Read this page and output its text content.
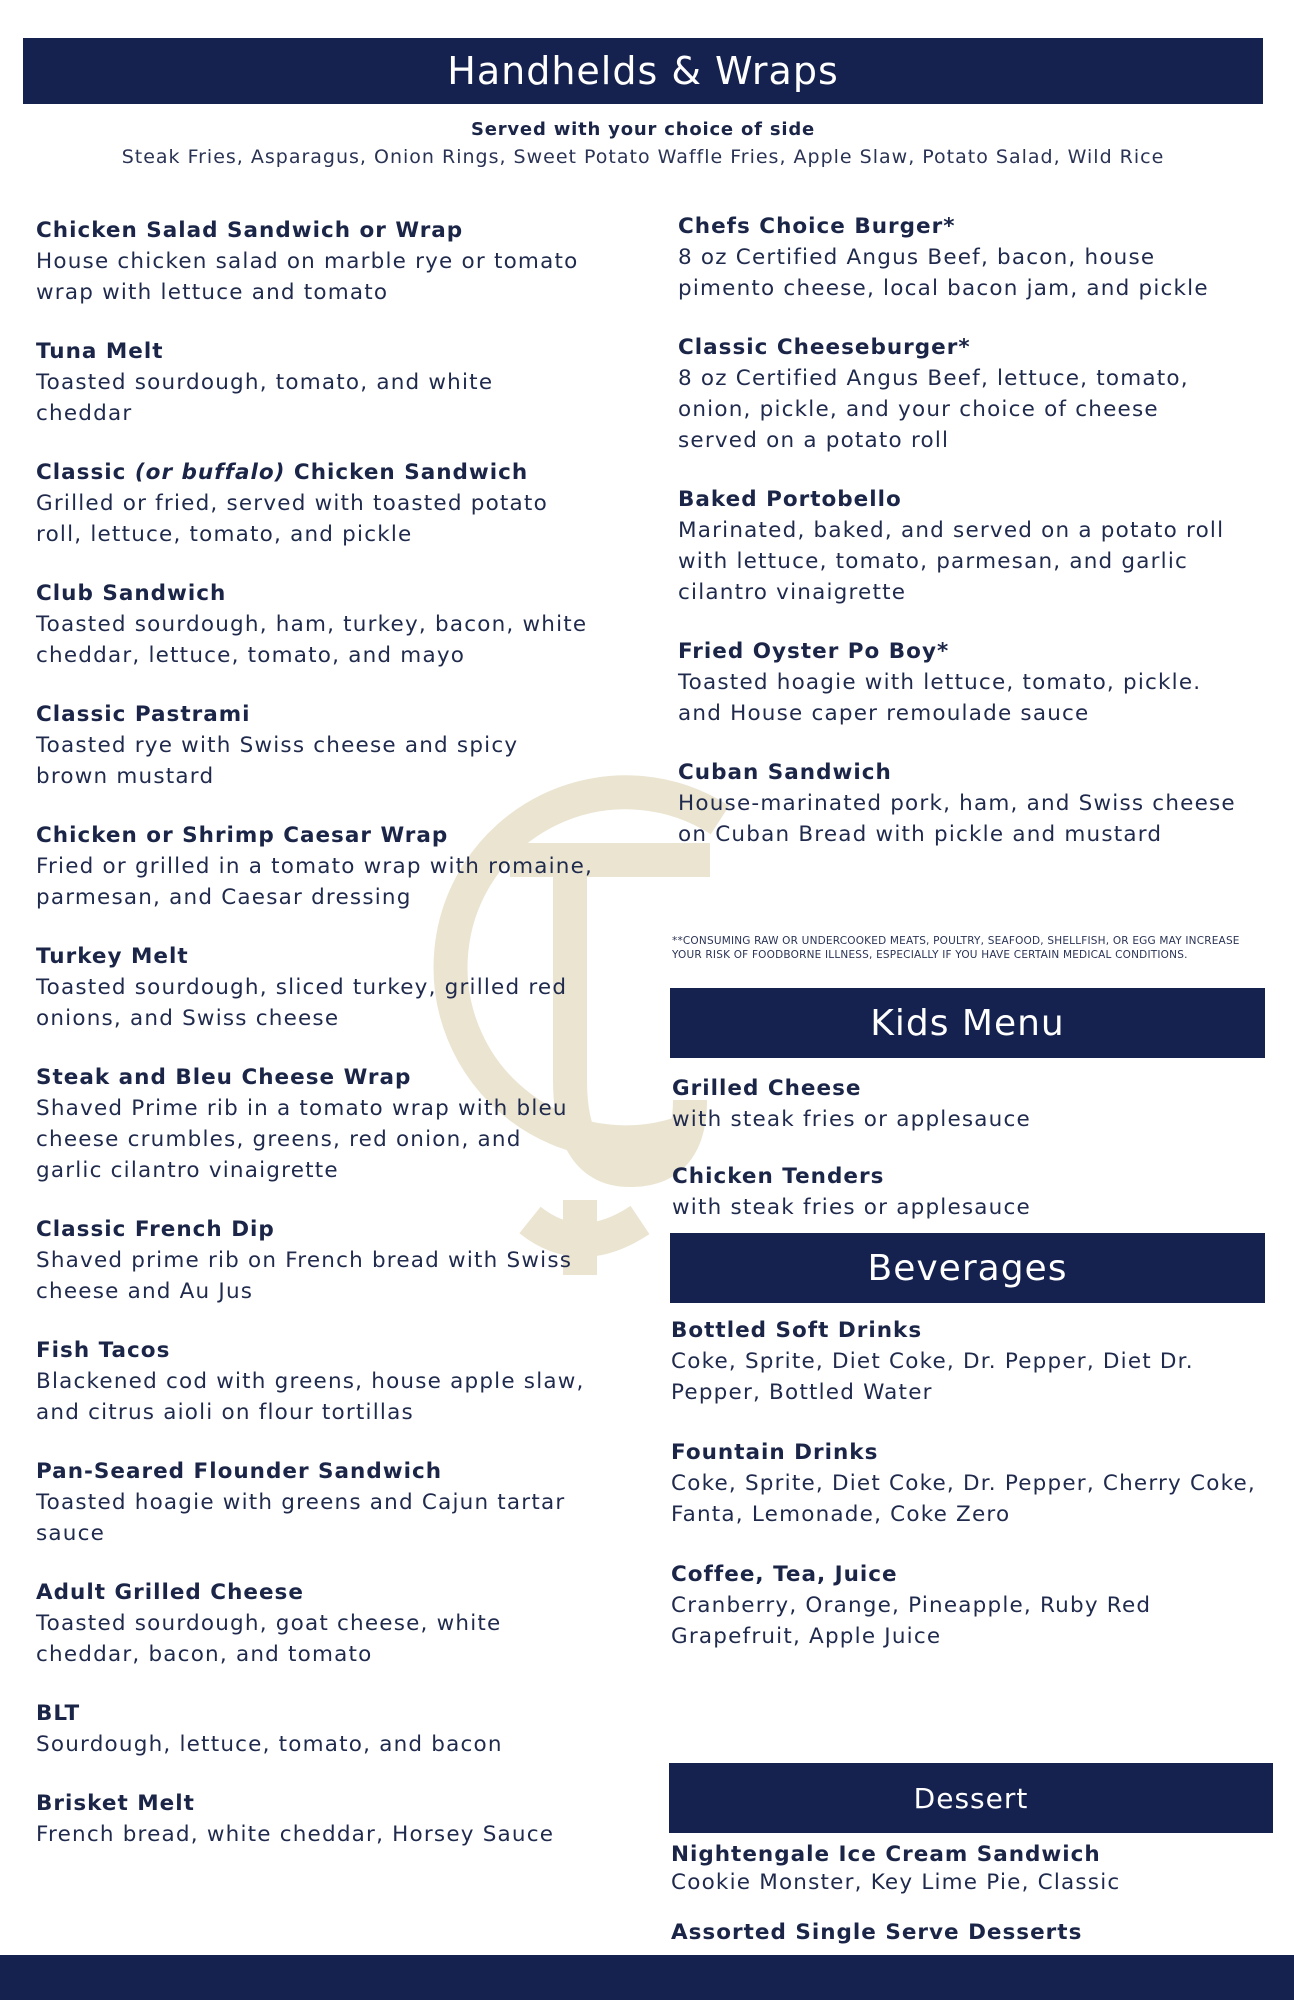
Handhelds & Wraps
Served with your choice of side
Steak Fries, Asparagus, Onion Rings, Sweet Potato Waffle Fries, Apple Slaw, Potato Salad, Wild Rice
Chicken Salad Sandwich or Wrap
House chicken salad on marble rye or tomato wrap with lettuce and tomato
Tuna Melt
Toasted sourdough, tomato, and white cheddar
Classic (or buffalo) Chicken Sandwich
Grilled or fried, served with toasted potato roll, lettuce, tomato, and pickle
Club Sandwich
Toasted sourdough, ham, turkey, bacon, white cheddar, lettuce, tomato, and mayo
Classic Pastrami
Toasted rye with Swiss cheese and spicy brown mustard
Chicken or Shrimp Caesar Wrap
Fried or grilled in a tomato wrap with romaine, parmesan, and Caesar dressing
Turkey Melt
Toasted sourdough, sliced turkey, grilled red onions, and Swiss cheese
Steak and Bleu Cheese Wrap
Shaved Prime rib in a tomato wrap with bleu cheese crumbles, greens, red onion, and garlic cilantro vinaigrette
Classic French Dip
Shaved prime rib on French bread with Swiss cheese and Au Jus
Fish Tacos
Blackened cod with greens, house apple slaw, and citrus aioli on flour tortillas
Pan-Seared Flounder Sandwich
Toasted hoagie with greens and Cajun tartar sauce
Adult Grilled Cheese
Toasted sourdough, goat cheese, white cheddar, bacon, and tomato
BLT
Sourdough, lettuce, tomato, and bacon
Brisket Melt
French bread, white cheddar, Horsey Sauce
Chefs Choice Burger*
8 oz Certified Angus Beef, bacon, house pimento cheese, local bacon jam, and pickle
Classic Cheeseburger*
8 oz Certified Angus Beef, lettuce, tomato, onion, pickle, and your choice of cheese served on a potato roll
Baked Portobello
Marinated, baked, and served on a potato roll with lettuce, tomato, parmesan, and garlic cilantro vinaigrette
Fried Oyster Po Boy*
Toasted hoagie with lettuce, tomato, pickle. and House caper remoulade sauce
Cuban Sandwich
House-marinated pork, ham, and Swiss cheese on Cuban Bread with pickle and mustard
**CONSUMING RAW OR UNDERCOOKED MEATS, POULTRY, SEAFOOD, SHELLFISH, OR EGG MAY INCREASE YOUR RISK OF FOODBORNE ILLNESS, ESPECIALLY IF YOU HAVE CERTAIN MEDICAL CONDITIONS.
Kids Menu
Grilled Cheese
with steak fries or applesauce
Chicken Tenders
with steak fries or applesauce
Beverages
Bottled Soft Drinks
Coke, Sprite, Diet Coke, Dr. Pepper, Diet Dr. Pepper, Bottled Water
Fountain Drinks
Coke, Sprite, Diet Coke, Dr. Pepper, Cherry Coke, Fanta, Lemonade, Coke Zero
Coffee, Tea, Juice
Cranberry, Orange, Pineapple, Ruby Red Grapefruit, Apple Juice
Dessert
Nightengale Ice Cream Sandwich
Cookie Monster, Key Lime Pie, Classic
Assorted Single Serve Desserts
